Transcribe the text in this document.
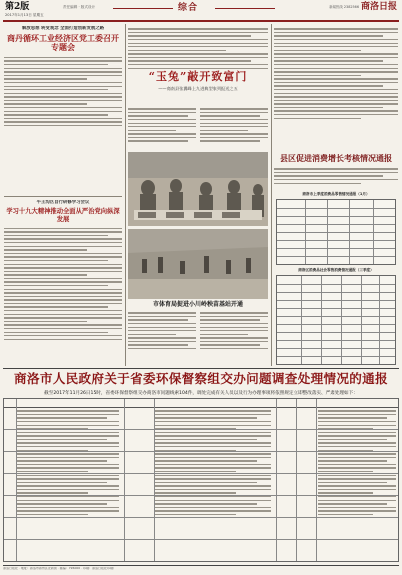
第2版
2017年1月13日 星期五
责任编辑 · 版式设计	综合	新闻热线 2382566 商洛日报
解放思想 转变观念 全面打造创新发展之路
商丹循环工业经济区党工委召开专题会
牛王沟区自行研修学习会议
学习十九大精神推动全面从严治党向纵深发展
“玉兔”敲开致富门
——商南县张翼峰上九进典型家列报送之五
市体育局捉进小川岭秧苗基站开通
县区促进消费增长考核情况通报
商洛市上季度消费品零售情况通报（1月）
商洛区消费品社会零售消费情况通报（三季度）
商洛市人民政府关于省委环保督察组交办问题调查处理情况的通报
截至2017年11月26日15时，省委环保督察组交办商洛市问题线索104件，调处完成有关人员以及行为办理事项将依照规定立即整改落实、严肃处理如下：
商洛日报社 · 地址：商洛市商州区北新街 · 邮编：726000 · 印刷：商洛日报社印刷厂
